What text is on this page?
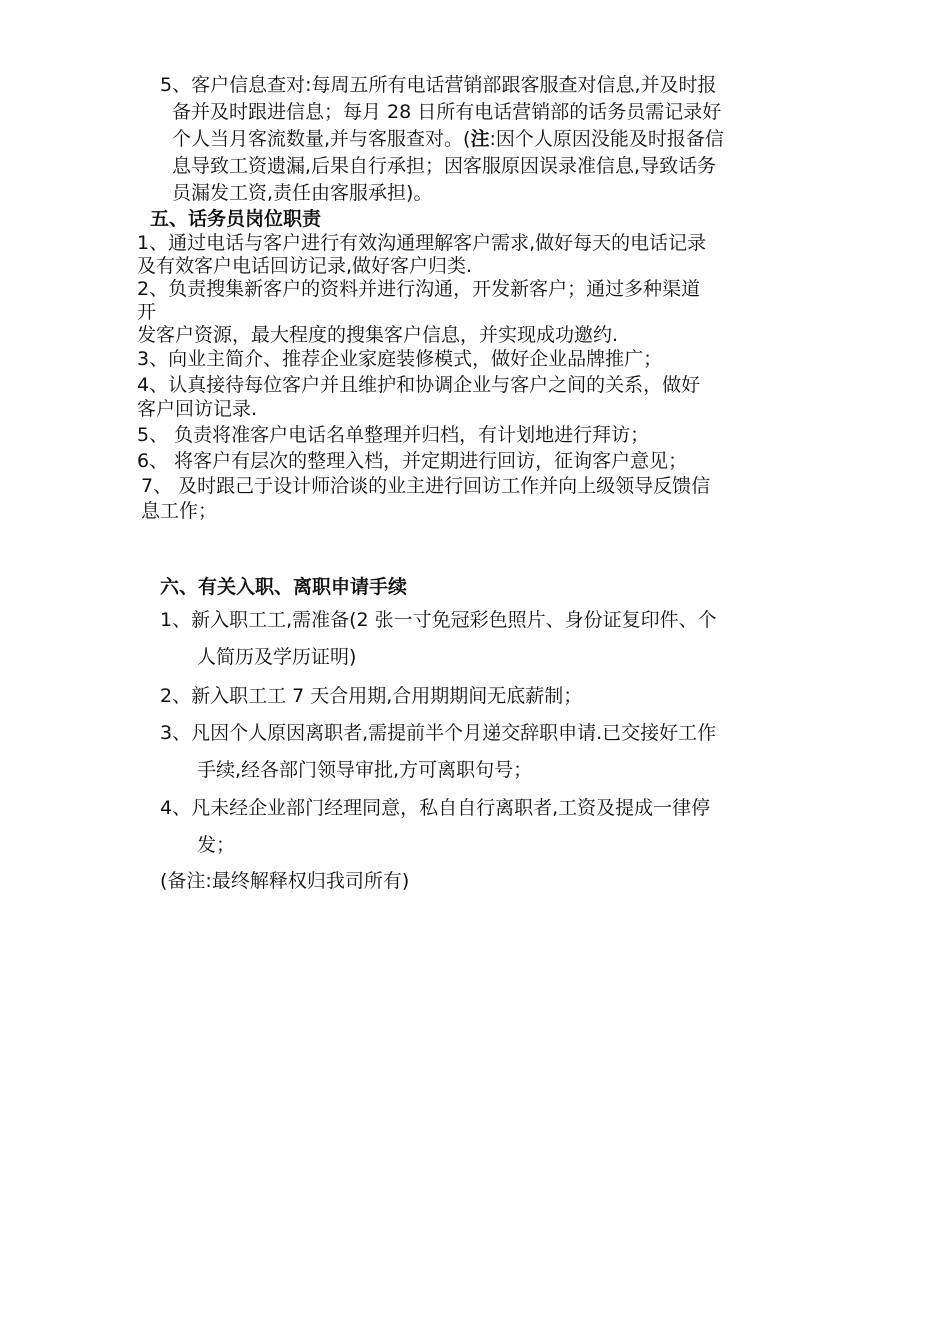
5、客户信息查对:每周五所有电话营销部跟客服查对信息,并及时报
备并及时跟进信息；每月 28 日所有电话营销部的话务员需记录好
个人当月客流数量,并与客服查对。(注:因个人原因没能及时报备信
息导致工资遗漏,后果自行承担；因客服原因误录准信息,导致话务
员漏发工资,责任由客服承担)。
五、话务员岗位职责
1、通过电话与客户进行有效沟通理解客户需求,做好每天的电话记录
及有效客户电话回访记录,做好客户归类.
2、负责搜集新客户的资料并进行沟通，开发新客户；通过多种渠道
开
发客户资源，最大程度的搜集客户信息，并实现成功邀约.
3、向业主简介、推荐企业家庭装修模式，做好企业品牌推广；
4、认真接待每位客户并且维护和协调企业与客户之间的关系，做好
客户回访记录.
5、 负责将准客户电话名单整理并归档，有计划地进行拜访；
6、 将客户有层次的整理入档，并定期进行回访，征询客户意见；
7、 及时跟己于设计师洽谈的业主进行回访工作并向上级领导反馈信
息工作；
六、有关入职、离职申请手续
1、新入职工工,需准备(2 张一寸免冠彩色照片、身份证复印件、个
人简历及学历证明)
2、新入职工工 7 天合用期,合用期期间无底薪制；
3、凡因个人原因离职者,需提前半个月递交辞职申请.已交接好工作
手续,经各部门领导审批,方可离职句号；
4、凡未经企业部门经理同意，私自自行离职者,工资及提成一律停
发；
(备注:最终解释权归我司所有)
